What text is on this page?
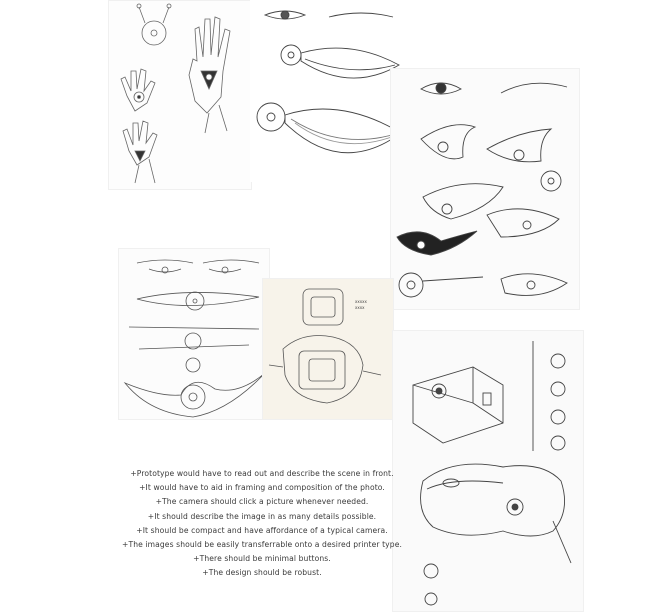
xxxxx
xxxx
+Prototype would have to read out and describe the scene in front.
+It would have to aid in framing and composition of the photo.
+The camera should click a picture whenever needed.
+It should describe the image in as many details possible.
+It should be compact and have affordance of a typical camera.
+The images should be easily transferrable onto a desired printer type.
+There should be minimal buttons.
+The design should be robust.
